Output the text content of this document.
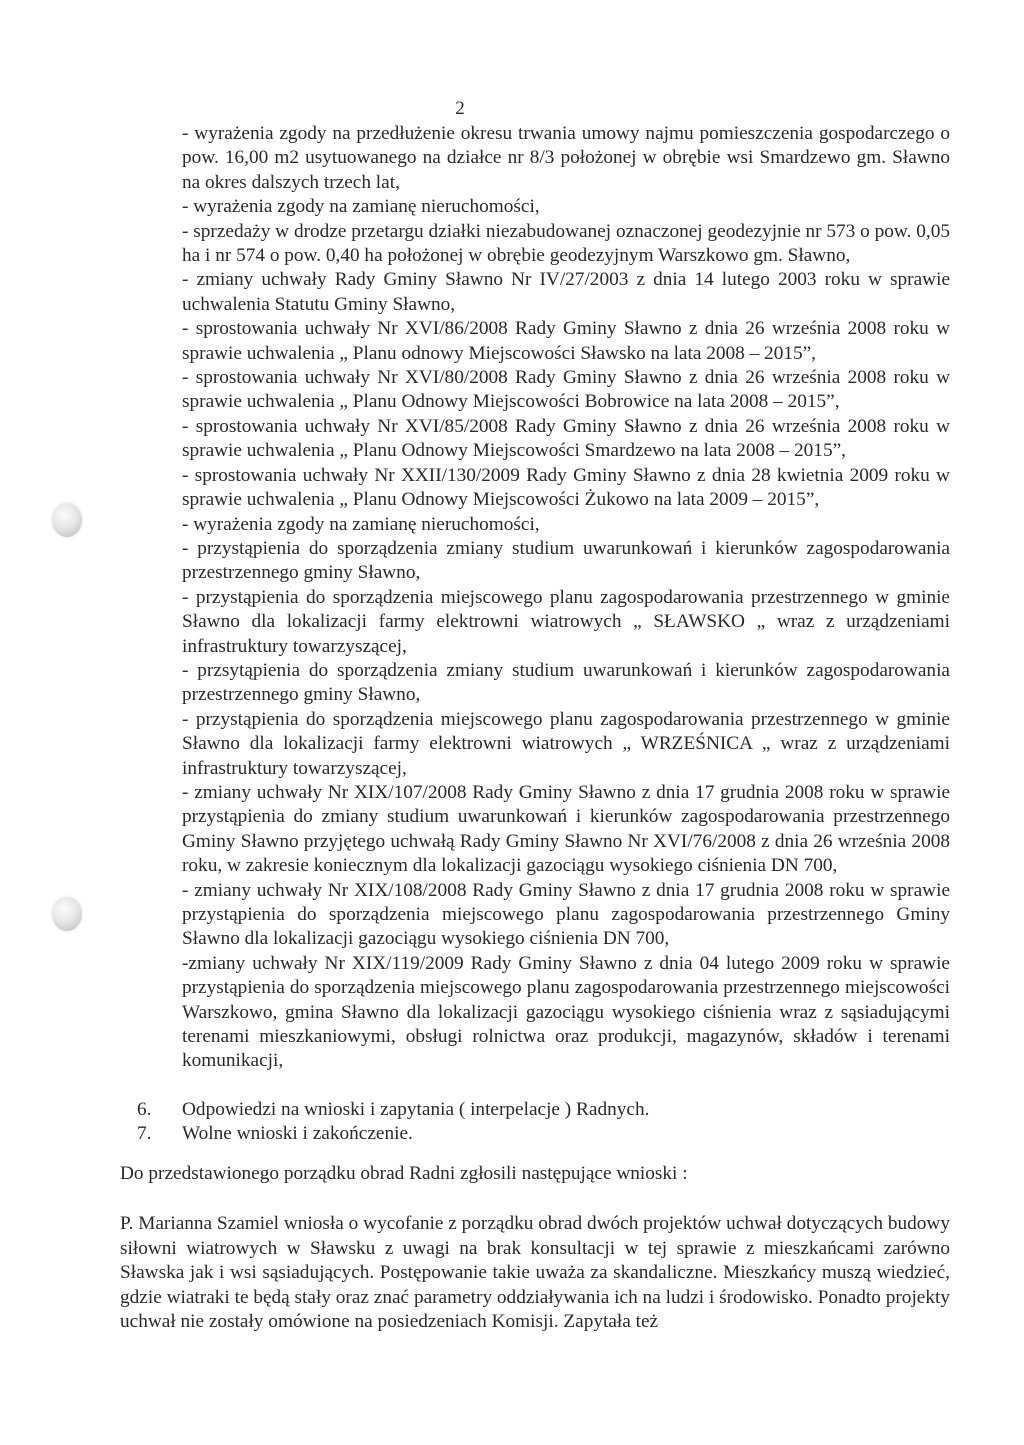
2

- wyrażenia zgody na przedłużenie okresu trwania umowy najmu pomieszczenia gospodarczego o pow. 16,00 m2 usytuowanego na działce nr 8/3 położonej w obrębie wsi Smardzewo gm. Sławno na okres dalszych trzech lat,

- wyrażenia zgody na zamianę nieruchomości,

- sprzedaży w drodze przetargu działki niezabudowanej oznaczonej geodezyjnie nr 573 o pow. 0,05 ha i nr 574 o pow. 0,40 ha położonej w obrębie geodezyjnym Warszkowo gm. Sławno,

- zmiany uchwały Rady Gminy Sławno Nr IV/27/2003 z dnia 14 lutego 2003 roku w sprawie uchwalenia Statutu Gminy Sławno,

- sprostowania uchwały Nr XVI/86/2008 Rady Gminy Sławno z dnia 26 września 2008 roku w sprawie uchwalenia „ Planu odnowy Miejscowości Sławsko na lata 2008 – 2015”,

- sprostowania uchwały Nr XVI/80/2008 Rady Gminy Sławno z dnia 26 września 2008 roku w sprawie uchwalenia „ Planu Odnowy Miejscowości Bobrowice na lata 2008 – 2015”,

- sprostowania uchwały Nr XVI/85/2008 Rady Gminy Sławno z dnia 26 września 2008 roku w sprawie uchwalenia „ Planu Odnowy Miejscowości Smardzewo na lata 2008 – 2015”,

- sprostowania uchwały Nr XXII/130/2009 Rady Gminy Sławno z dnia 28 kwietnia 2009 roku w sprawie uchwalenia „ Planu Odnowy Miejscowości Żukowo na lata 2009 – 2015”,

- wyrażenia zgody na zamianę nieruchomości,

- przystąpienia do sporządzenia zmiany studium uwarunkowań i kierunków zagospodarowania przestrzennego gminy Sławno,

- przystąpienia do sporządzenia miejscowego planu zagospodarowania przestrzennego w gminie Sławno dla lokalizacji farmy elektrowni wiatrowych „ SŁAWSKO „ wraz z urządzeniami infrastruktury towarzyszącej,

- przsytąpienia do sporządzenia zmiany studium uwarunkowań i kierunków zagospodarowania przestrzennego gminy Sławno,

- przystąpienia do sporządzenia miejscowego planu zagospodarowania przestrzennego w gminie Sławno dla lokalizacji farmy elektrowni wiatrowych „ WRZEŚNICA „ wraz z urządzeniami infrastruktury towarzyszącej,

- zmiany uchwały Nr XIX/107/2008 Rady Gminy Sławno z dnia 17 grudnia 2008 roku w sprawie przystąpienia do zmiany studium uwarunkowań i kierunków zagospodarowania przestrzennego Gminy Sławno przyjętego uchwałą Rady Gminy Sławno Nr XVI/76/2008 z dnia 26 września 2008 roku, w zakresie koniecznym dla lokalizacji gazociągu wysokiego ciśnienia DN 700,

- zmiany uchwały Nr XIX/108/2008 Rady Gminy Sławno z dnia 17 grudnia 2008 roku w sprawie przystąpienia do sporządzenia miejscowego planu zagospodarowania przestrzennego Gminy Sławno dla lokalizacji gazociągu wysokiego ciśnienia DN 700,

-zmiany uchwały Nr XIX/119/2009 Rady Gminy Sławno z dnia 04 lutego 2009 roku w sprawie przystąpienia do sporządzenia miejscowego planu zagospodarowania przestrzennego miejscowości Warszkowo, gmina Sławno dla lokalizacji gazociągu wysokiego ciśnienia wraz z sąsiadującymi terenami mieszkaniowymi, obsługi rolnictwa oraz produkcji, magazynów, składów i terenami komunikacji,

6. Odpowiedzi na wnioski i zapytania ( interpelacje ) Radnych.
7. Wolne wnioski i zakończenie.
Do przedstawionego porządku obrad Radni zgłosili następujące wnioski :

P. Marianna Szamiel wniosła o wycofanie z porządku obrad dwóch projektów uchwał dotyczących budowy siłowni wiatrowych w Sławsku z uwagi na brak konsultacji w tej sprawie z mieszkańcami zarówno Sławska jak i wsi sąsiadujących. Postępowanie takie uważa za skandaliczne. Mieszkańcy muszą wiedzieć, gdzie wiatraki te będą stały oraz znać parametry oddziaływania ich na ludzi i środowisko. Ponadto projekty uchwał nie zostały omówione na posiedzeniach Komisji. Zapytała też
